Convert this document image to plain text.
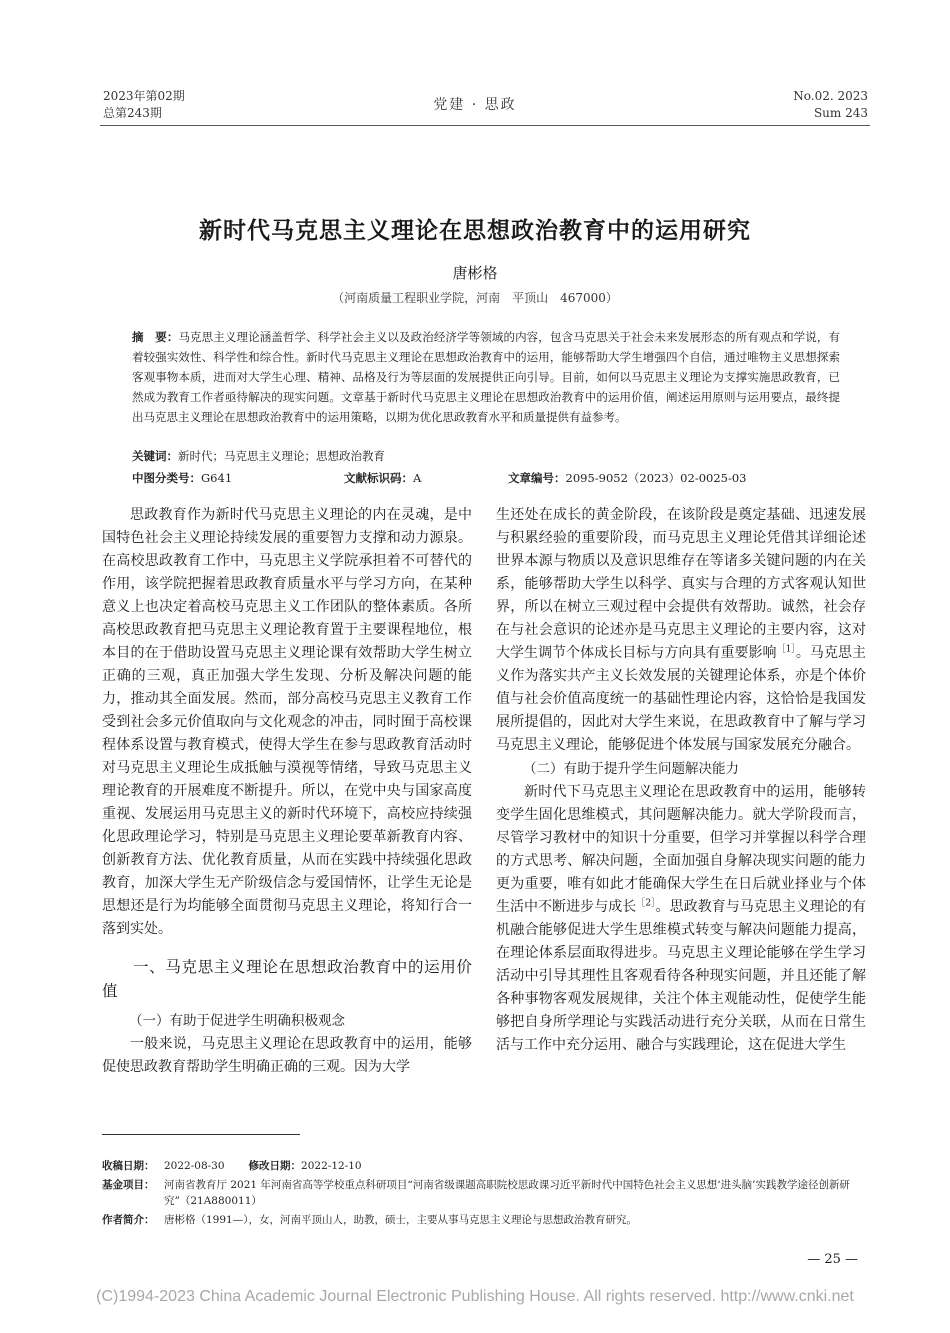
2023年第02期
总第243期	党建 · 思政
No.02. 2023
Sum 243
新时代马克思主义理论在思想政治教育中的运用研究
唐彬格
（河南质量工程职业学院，河南　平顶山　467000）
摘　要：马克思主义理论涵盖哲学、科学社会主义以及政治经济学等领域的内容，包含马克思关于社会未来发展形态的所有观点和学说，有着较强实效性、科学性和综合性。新时代马克思主义理论在思想政治教育中的运用，能够帮助大学生增强四个自信，通过唯物主义思想探索客观事物本质，进而对大学生心理、精神、品格及行为等层面的发展提供正向引导。目前，如何以马克思主义理论为支撑实施思政教育，已然成为教育工作者亟待解决的现实问题。文章基于新时代马克思主义理论在思想政治教育中的运用价值，阐述运用原则与运用要点，最终提出马克思主义理论在思想政治教育中的运用策略，以期为优化思政教育水平和质量提供有益参考。
关键词：新时代；马克思主义理论；思想政治教育
中图分类号：G641	文献标识码：A	文章编号：2095-9052（2023）02-0025-03

思政教育作为新时代马克思主义理论的内在灵魂，是中国特色社会主义理论持续发展的重要智力支撑和动力源泉。在高校思政教育工作中，马克思主义学院承担着不可替代的作用，该学院把握着思政教育质量水平与学习方向，在某种意义上也决定着高校马克思主义工作团队的整体素质。各所高校思政教育把马克思主义理论教育置于主要课程地位，根本目的在于借助设置马克思主义理论课有效帮助大学生树立正确的三观，真正加强大学生发现、分析及解决问题的能力，推动其全面发展。然而，部分高校马克思主义教育工作受到社会多元价值取向与文化观念的冲击，同时囿于高校课程体系设置与教育模式，使得大学生在参与思政教育活动时对马克思主义理论生成抵触与漠视等情绪，导致马克思主义理论教育的开展难度不断提升。所以，在党中央与国家高度重视、发展运用马克思主义的新时代环境下，高校应持续强化思政理论学习，特别是马克思主义理论要革新教育内容、创新教育方法、优化教育质量，从而在实践中持续强化思政教育，加深大学生无产阶级信念与爱国情怀，让学生无论是思想还是行为均能够全面贯彻马克思主义理论，将知行合一落到实处。

一、马克思主义理论在思想政治教育中的运用价值
（一）有助于促进学生明确积极观念

一般来说，马克思主义理论在思政教育中的运用，能够促使思政教育帮助学生明确正确的三观。因为大学

生还处在成长的黄金阶段，在该阶段是奠定基础、迅速发展与积累经验的重要阶段，而马克思主义理论凭借其详细论述世界本源与物质以及意识思维存在等诸多关键问题的内在关系，能够帮助大学生以科学、真实与合理的方式客观认知世界，所以在树立三观过程中会提供有效帮助。诚然，社会存在与社会意识的论述亦是马克思主义理论的主要内容，这对大学生调节个体成长目标与方向具有重要影响$^{[1]}$。马克思主义作为落实共产主义长效发展的关键理论体系，亦是个体价值与社会价值高度统一的基础性理论内容，这恰恰是我国发展所提倡的，因此对大学生来说，在思政教育中了解与学习马克思主义理论，能够促进个体发展与国家发展充分融合。

（二）有助于提升学生问题解决能力

新时代下马克思主义理论在思政教育中的运用，能够转变学生固化思维模式，其问题解决能力。就大学阶段而言，尽管学习教材中的知识十分重要，但学习并掌握以科学合理的方式思考、解决问题，全面加强自身解决现实问题的能力更为重要，唯有如此才能确保大学生在日后就业择业与个体生活中不断进步与成长$^{[2]}$。思政教育与马克思主义理论的有机融合能够促进大学生思维模式转变与解决问题能力提高，在理论体系层面取得进步。马克思主义理论能够在学生学习活动中引导其理性且客观看待各种现实问题，并且还能了解各种事物客观发展规律，关注个体主观能动性，促使学生能够把自身所学理论与实践活动进行充分关联，从而在日常生活与工作中充分运用、融合与实践理论，这在促进大学生

收稿日期： 2022-08-30 修改日期：2022-12-10
基金项目： 河南省教育厅 2021 年河南省高等学校重点科研项目“河南省级课题高职院校思政课习近平新时代中国特色社会主义思想‘进头脑’实践教学途径创新研究”（21A880011）
作者简介： 唐彬格（1991—），女，河南平顶山人，助教，硕士，主要从事马克思主义理论与思想政治教育研究。
— 25 —
(C)1994-2023 China Academic Journal Electronic Publishing House. All rights reserved. http://www.cnki.net
